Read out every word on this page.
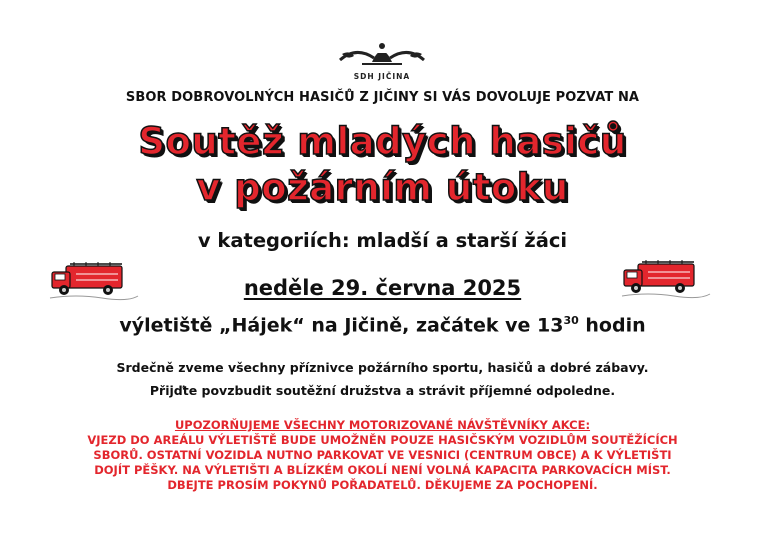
SDH JIČINA
SBOR DOBROVOLNÝCH HASIČŮ Z JIČINY SI VÁS DOVOLUJE POZVAT NA
Soutěž mladých hasičů
v požárním útoku
v kategoriích: mladší a starší žáci
neděle 29. června 2025
výletiště „Hájek“ na Jičině, začátek ve $13^{30}$ hodin
Srdečně zveme všechny příznivce požárního sportu, hasičů a dobré zábavy.
Přijďte povzbudit soutěžní družstva a strávit příjemné odpoledne.
UPOZORŇUJEME VŠECHNY MOTORIZOVANÉ NÁVŠTĚVNÍKY AKCE:
VJEZD DO AREÁLU VÝLETIŠTĚ BUDE UMOŽNĚN POUZE HASIČSKÝM VOZIDLŮM SOUTĚŽÍCÍCH
SBORŮ. OSTATNÍ VOZIDLA NUTNO PARKOVAT VE VESNICI (CENTRUM OBCE) A K VÝLETIŠTI
DOJÍT PĚŠKY. NA VÝLETIŠTI A BLÍZKÉM OKOLÍ NENÍ VOLNÁ KAPACITA PARKOVACÍCH MÍST.
DBEJTE PROSÍM POKYNŮ POŘADATELŮ. DĚKUJEME ZA POCHOPENÍ.
